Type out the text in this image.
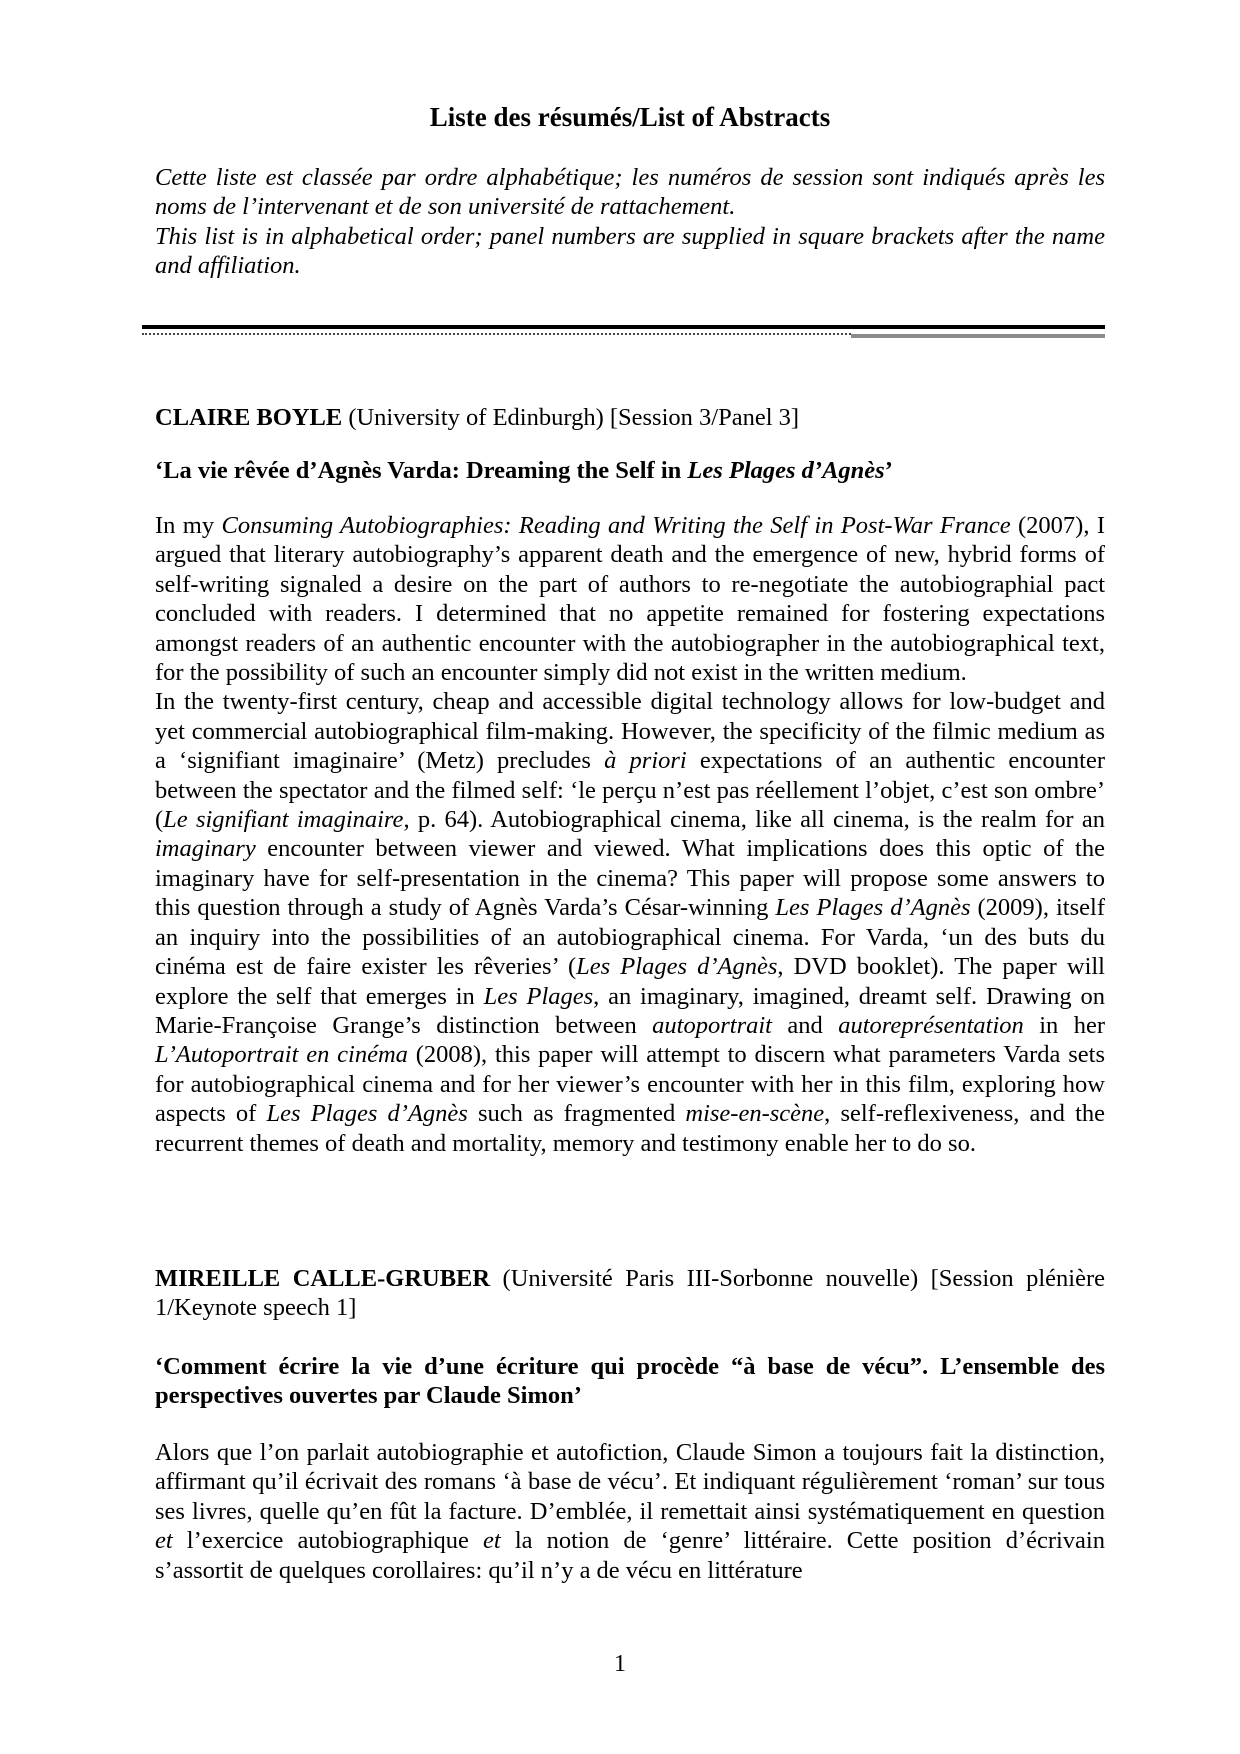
Liste des résumés/List of Abstracts

Cette liste est classée par ordre alphabétique; les numéros de session sont indiqués après les noms de l’intervenant et de son université de rattachement.

This list is in alphabetical order; panel numbers are supplied in square brackets after the name and affiliation.

CLAIRE BOYLE (University of Edinburgh) [Session 3/Panel 3]

‘La vie rêvée d’Agnès Varda: Dreaming the Self in Les Plages d’Agnès’

In my Consuming Autobiographies: Reading and Writing the Self in Post-War France (2007), I argued that literary autobiography’s apparent death and the emergence of new, hybrid forms of self-writing signaled a desire on the part of authors to re-negotiate the autobiographial pact concluded with readers. I determined that no appetite remained for fostering expectations amongst readers of an authentic encounter with the autobiographer in the autobiographical text, for the possibility of such an encounter simply did not exist in the written medium.

In the twenty-first century, cheap and accessible digital technology allows for low-budget and yet commercial autobiographical film-making. However, the specificity of the filmic medium as a ‘signifiant imaginaire’ (Metz) precludes à priori expectations of an authentic encounter between the spectator and the filmed self: ‘le perçu n’est pas réellement l’objet, c’est son ombre’ (Le signifiant imaginaire, p. 64). Autobiographical cinema, like all cinema, is the realm for an imaginary encounter between viewer and viewed. What implications does this optic of the imaginary have for self-presentation in the cinema? This paper will propose some answers to this question through a study of Agnès Varda’s César-winning Les Plages d’Agnès (2009), itself an inquiry into the possibilities of an autobiographical cinema. For Varda, ‘un des buts du cinéma est de faire exister les rêveries’ (Les Plages d’Agnès, DVD booklet). The paper will explore the self that emerges in Les Plages, an imaginary, imagined, dreamt self. Drawing on Marie-Françoise Grange’s distinction between autoportrait and autoreprésentation in her L’Autoportrait en cinéma (2008), this paper will attempt to discern what parameters Varda sets for autobiographical cinema and for her viewer’s encounter with her in this film, exploring how aspects of Les Plages d’Agnès such as fragmented mise-en-scène, self-reflexiveness, and the recurrent themes of death and mortality, memory and testimony enable her to do so.

MIREILLE CALLE-GRUBER (Université Paris III-Sorbonne nouvelle) [Session plénière 1/Keynote speech 1]

‘Comment écrire la vie d’une écriture qui procède “à base de vécu”. L’ensemble des perspectives ouvertes par Claude Simon’

Alors que l’on parlait autobiographie et autofiction, Claude Simon a toujours fait la distinction, affirmant qu’il écrivait des romans ‘à base de vécu’. Et indiquant régulièrement ‘roman’ sur tous ses livres, quelle qu’en fût la facture. D’emblée, il remettait ainsi systématiquement en question et l’exercice autobiographique et la notion de ‘genre’ littéraire. Cette position d’écrivain s’assortit de quelques corollaires: qu’il n’y a de vécu en littérature

1
